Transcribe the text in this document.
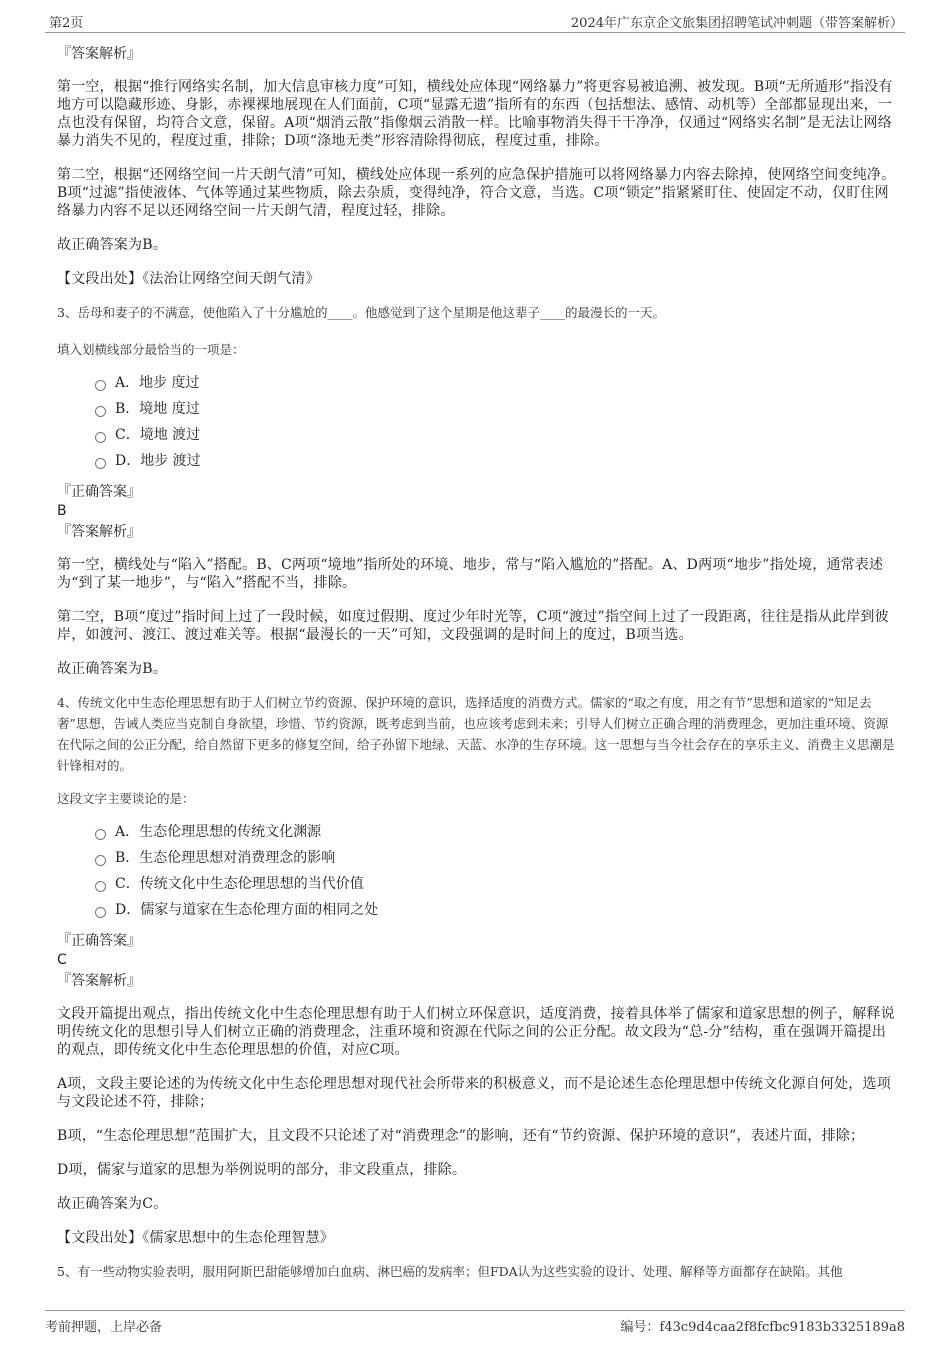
第2页	2024年广东京企文旅集团招聘笔试冲刺题（带答案解析）
『答案解析』

第一空，根据“推行网络实名制，加大信息审核力度”可知，横线处应体现“网络暴力”将更容易被追溯、被发现。B项“无所遁形”指没有地方可以隐藏形迹、身影，赤裸裸地展现在人们面前，C项“显露无遗”指所有的东西（包括想法、感情、动机等）全部都显现出来，一点也没有保留，均符合文意，保留。A项“烟消云散”指像烟云消散一样。比喻事物消失得干干净净，仅通过“网络实名制”是无法让网络暴力消失不见的，程度过重，排除；D项“涤地无类”形容清除得彻底，程度过重，排除。

第二空，根据“还网络空间一片天朗气清”可知，横线处应体现一系列的应急保护措施可以将网络暴力内容去除掉，使网络空间变纯净。B项“过滤”指使液体、气体等通过某些物质，除去杂质，变得纯净，符合文意，当选。C项“锁定”指紧紧盯住、使固定不动，仅盯住网络暴力内容不足以还网络空间一片天朗气清，程度过轻，排除。

故正确答案为B。

【文段出处】《法治让网络空间天朗气清》

3、岳母和妻子的不满意，使他陷入了十分尴尬的____。他感觉到了这个星期是他这辈子____的最漫长的一天。

填入划横线部分最恰当的一项是：

A．地步 度过
B．境地 度过
C．境地 渡过
D．地步 渡过
『正确答案』
B
『答案解析』

第一空，横线处与“陷入”搭配。B、C两项“境地”指所处的环境、地步，常与“陷入尴尬的”搭配。A、D两项“地步”指处境，通常表述为“到了某一地步”，与“陷入”搭配不当，排除。

第二空，B项“度过”指时间上过了一段时候，如度过假期、度过少年时光等，C项“渡过”指空间上过了一段距离，往往是指从此岸到彼岸，如渡河、渡江、渡过难关等。根据“最漫长的一天”可知，文段强调的是时间上的度过，B项当选。

故正确答案为B。

4、传统文化中生态伦理思想有助于人们树立节约资源、保护环境的意识，选择适度的消费方式。儒家的“取之有度，用之有节”思想和道家的“知足去奢”思想，告诫人类应当克制自身欲望，珍惜、节约资源，既考虑到当前，也应该考虑到未来；引导人们树立正确合理的消费理念，更加注重环境、资源在代际之间的公正分配，给自然留下更多的修复空间，给子孙留下地绿、天蓝、水净的生存环境。这一思想与当今社会存在的享乐主义、消费主义思潮是针锋相对的。

这段文字主要谈论的是：

A．生态伦理思想的传统文化渊源
B．生态伦理思想对消费理念的影响
C．传统文化中生态伦理思想的当代价值
D．儒家与道家在生态伦理方面的相同之处
『正确答案』
C
『答案解析』

文段开篇提出观点，指出传统文化中生态伦理思想有助于人们树立环保意识，适度消费，接着具体举了儒家和道家思想的例子，解释说明传统文化的思想引导人们树立正确的消费理念，注重环境和资源在代际之间的公正分配。故文段为“总-分”结构，重在强调开篇提出的观点，即传统文化中生态伦理思想的价值，对应C项。

A项，文段主要论述的为传统文化中生态伦理思想对现代社会所带来的积极意义，而不是论述生态伦理思想中传统文化源自何处，选项与文段论述不符，排除；

B项，“生态伦理思想”范围扩大，且文段不只论述了对“消费理念”的影响，还有“节约资源、保护环境的意识”，表述片面，排除；

D项，儒家与道家的思想为举例说明的部分，非文段重点，排除。

故正确答案为C。

【文段出处】《儒家思想中的生态伦理智慧》

5、有一些动物实验表明，服用阿斯巴甜能够增加白血病、淋巴癌的发病率；但FDA认为这些实验的设计、处理、解释等方面都存在缺陷。其他

考前押题，上岸必备	编号：f43c9d4caa2f8fcfbc9183b3325189a8
